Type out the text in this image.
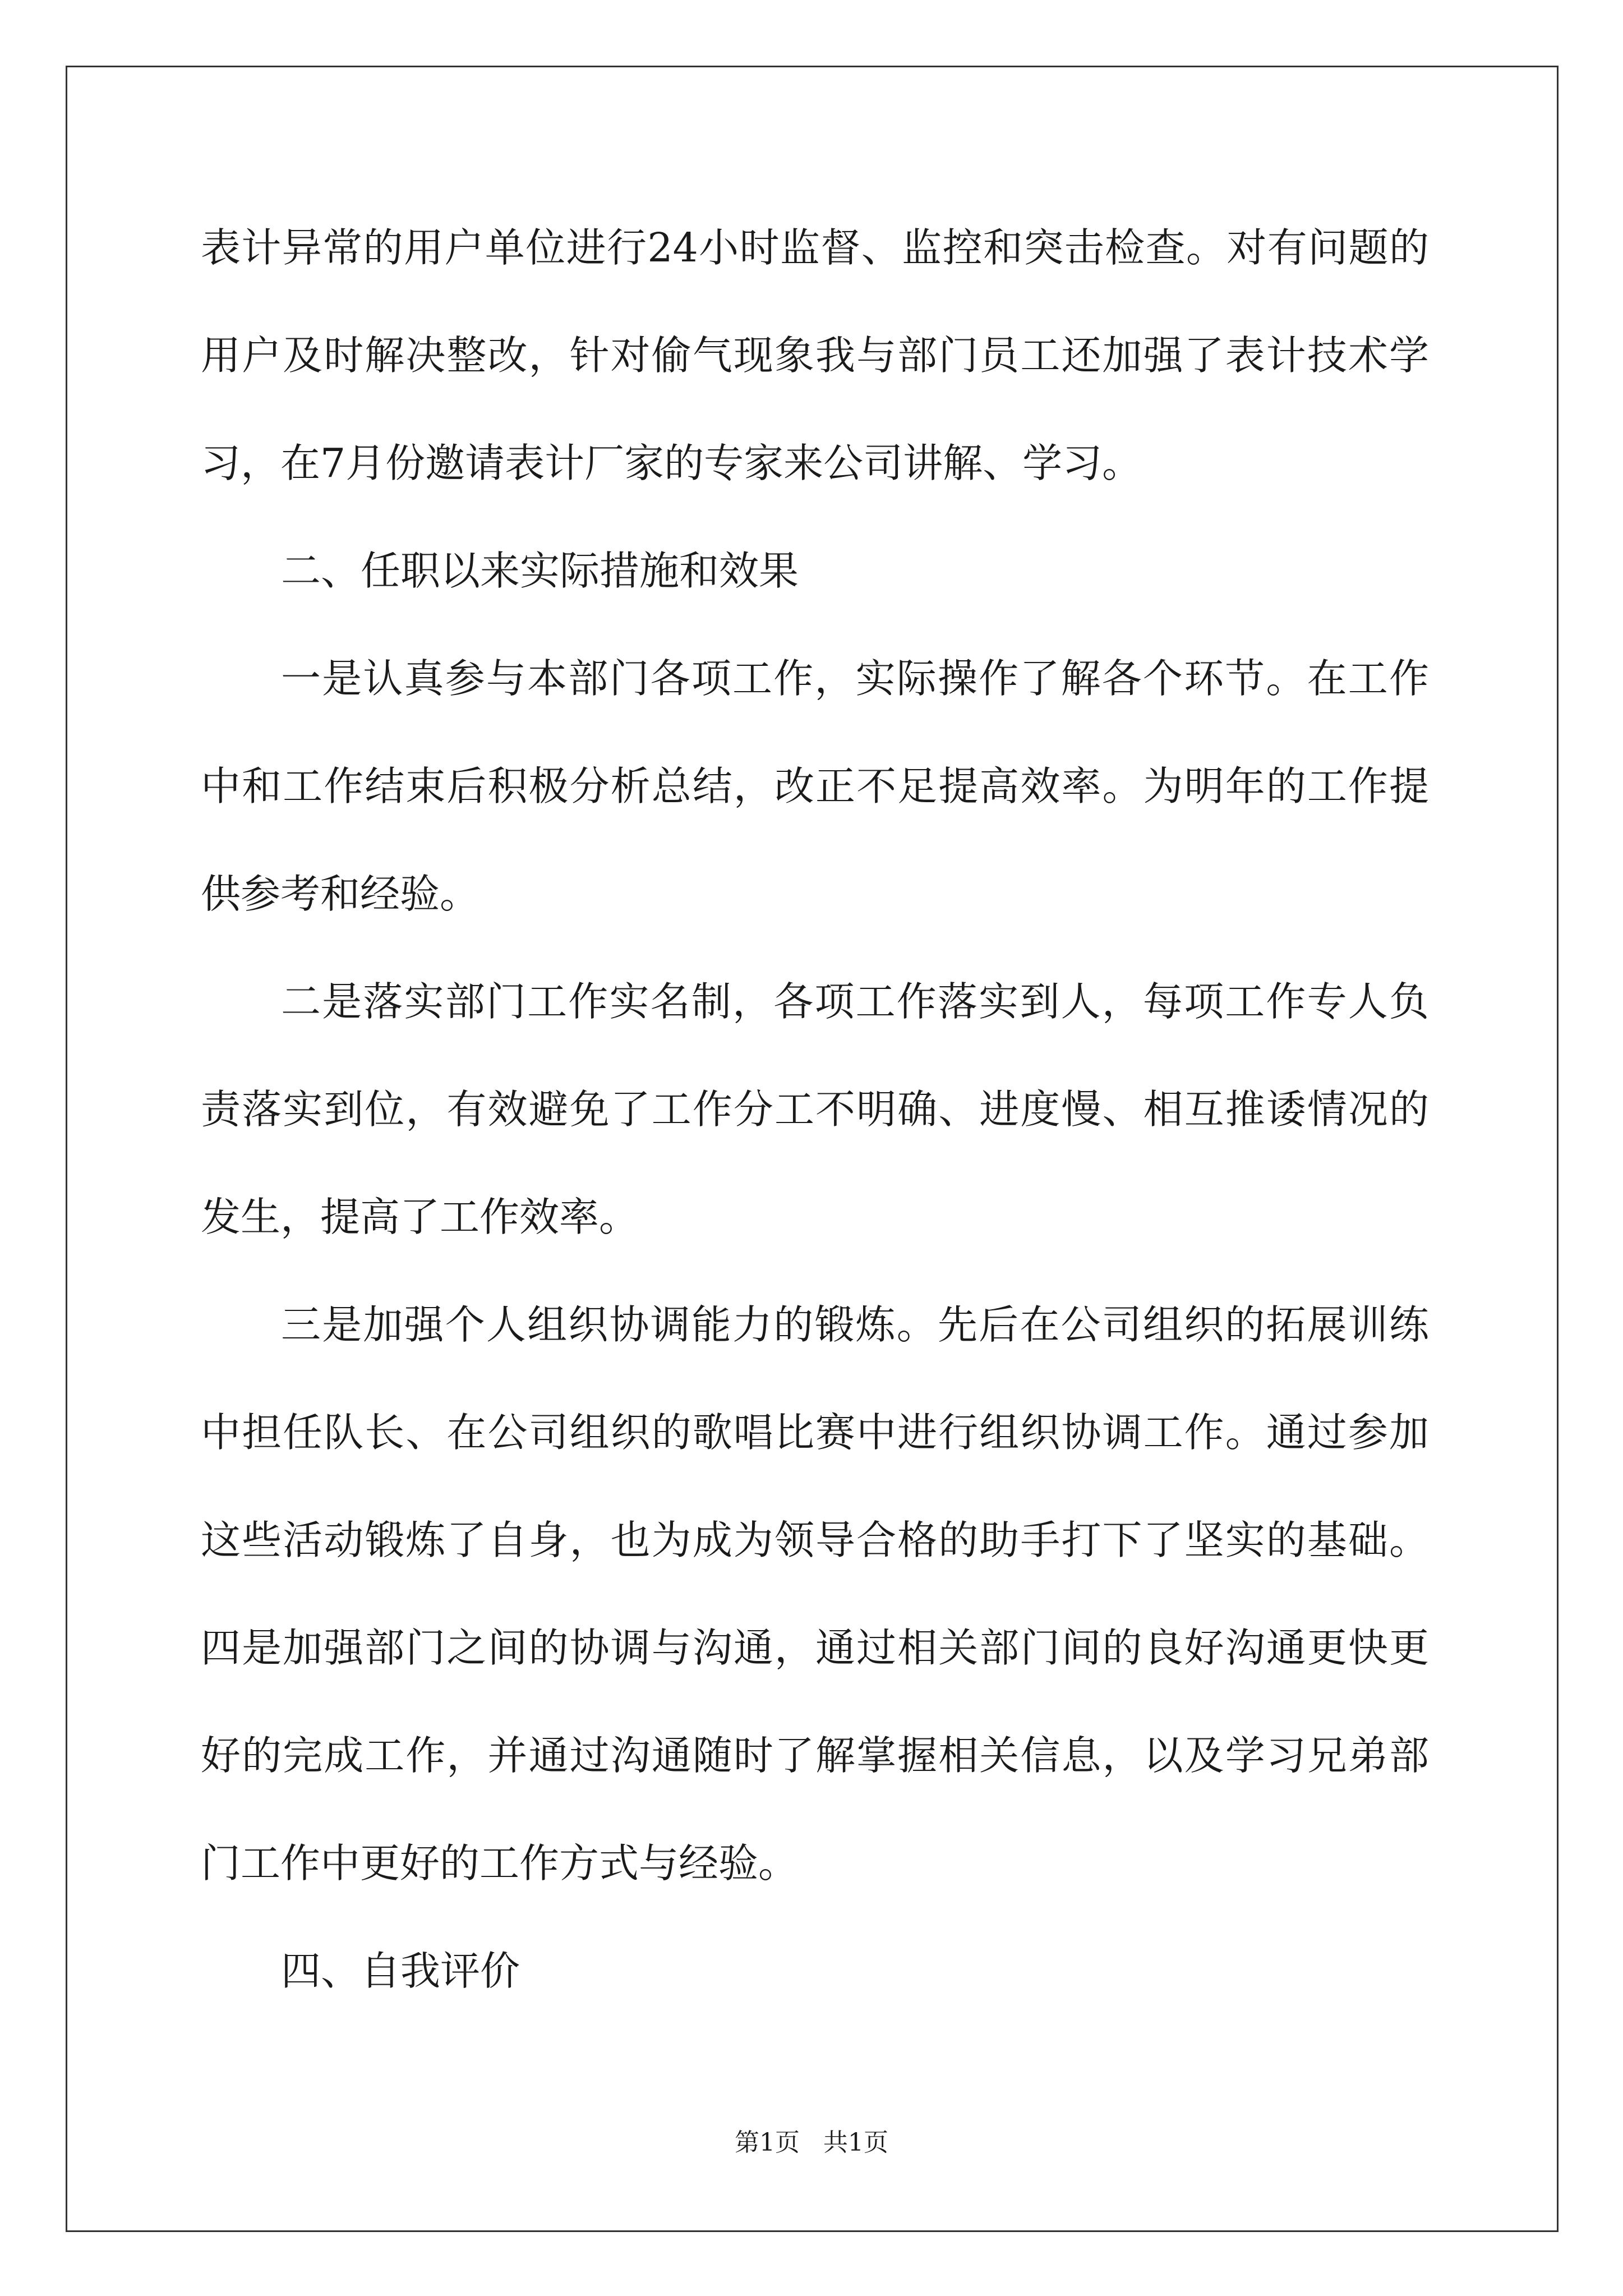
表计异常的用户单位进行24小时监督、监控和突击检查。对有问题的
用户及时解决整改，针对偷气现象我与部门员工还加强了表计技术学
习，在7月份邀请表计厂家的专家来公司讲解、学习。
二、任职以来实际措施和效果
一是认真参与本部门各项工作，实际操作了解各个环节。在工作
中和工作结束后积极分析总结，改正不足提高效率。为明年的工作提
供参考和经验。
二是落实部门工作实名制，各项工作落实到人，每项工作专人负
责落实到位，有效避免了工作分工不明确、进度慢、相互推诿情况的
发生，提高了工作效率。
三是加强个人组织协调能力的锻炼。先后在公司组织的拓展训练
中担任队长、在公司组织的歌唱比赛中进行组织协调工作。通过参加
这些活动锻炼了自身，也为成为领导合格的助手打下了坚实的基础。
四是加强部门之间的协调与沟通，通过相关部门间的良好沟通更快更
好的完成工作，并通过沟通随时了解掌握相关信息，以及学习兄弟部
门工作中更好的工作方式与经验。
四、自我评价
第1页 共1页
